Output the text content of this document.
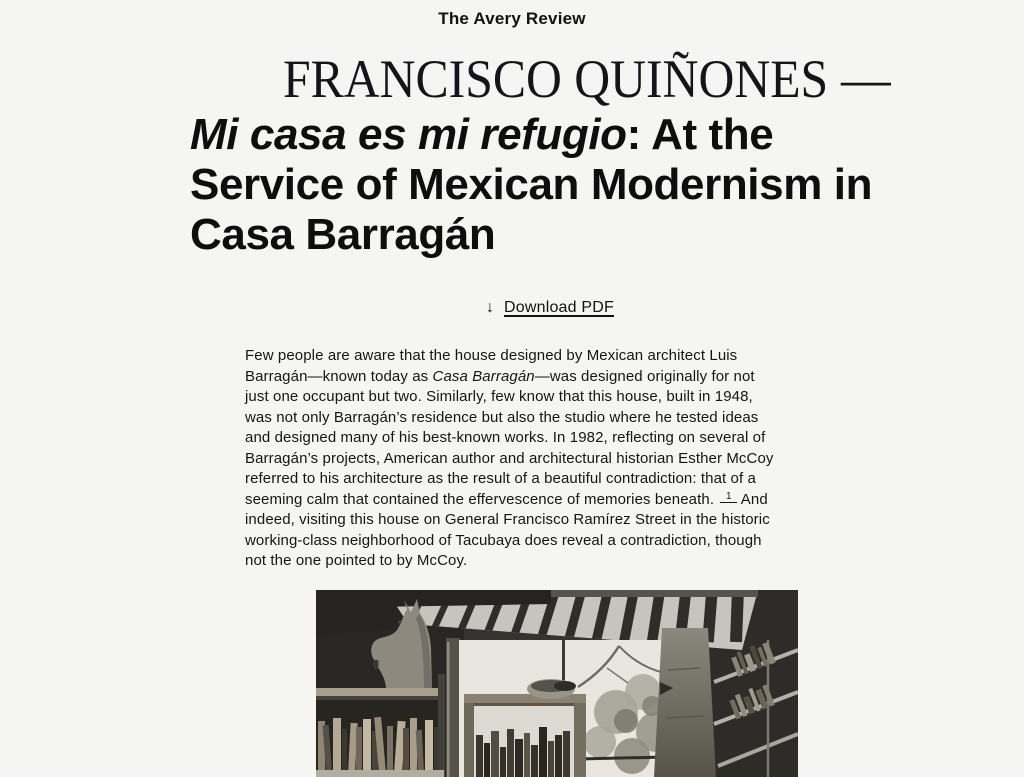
The Avery Review
FRANCISCO QUIÑONES —
Mi casa es mi refugio: At the Service of Mexican Modernism in Casa Barragán
↓ Download PDF

Few people are aware that the house designed by Mexican architect Luis Barragán—known today as Casa Barragán—was designed originally for not just one occupant but two. Similarly, few know that this house, built in 1948, was not only Barragán’s residence but also the studio where he tested ideas and designed many of his best-known works. In 1982, reflecting on several of Barragán’s projects, American author and architectural historian Esther McCoy referred to his architecture as the result of a beautiful contradiction: that of a seeming calm that contained the effervescence of memories beneath. $^1$ And indeed, visiting this house on General Francisco Ramírez Street in the historic working-class neighborhood of Tacubaya does reveal a contradiction, though not the one pointed to by McCoy.
